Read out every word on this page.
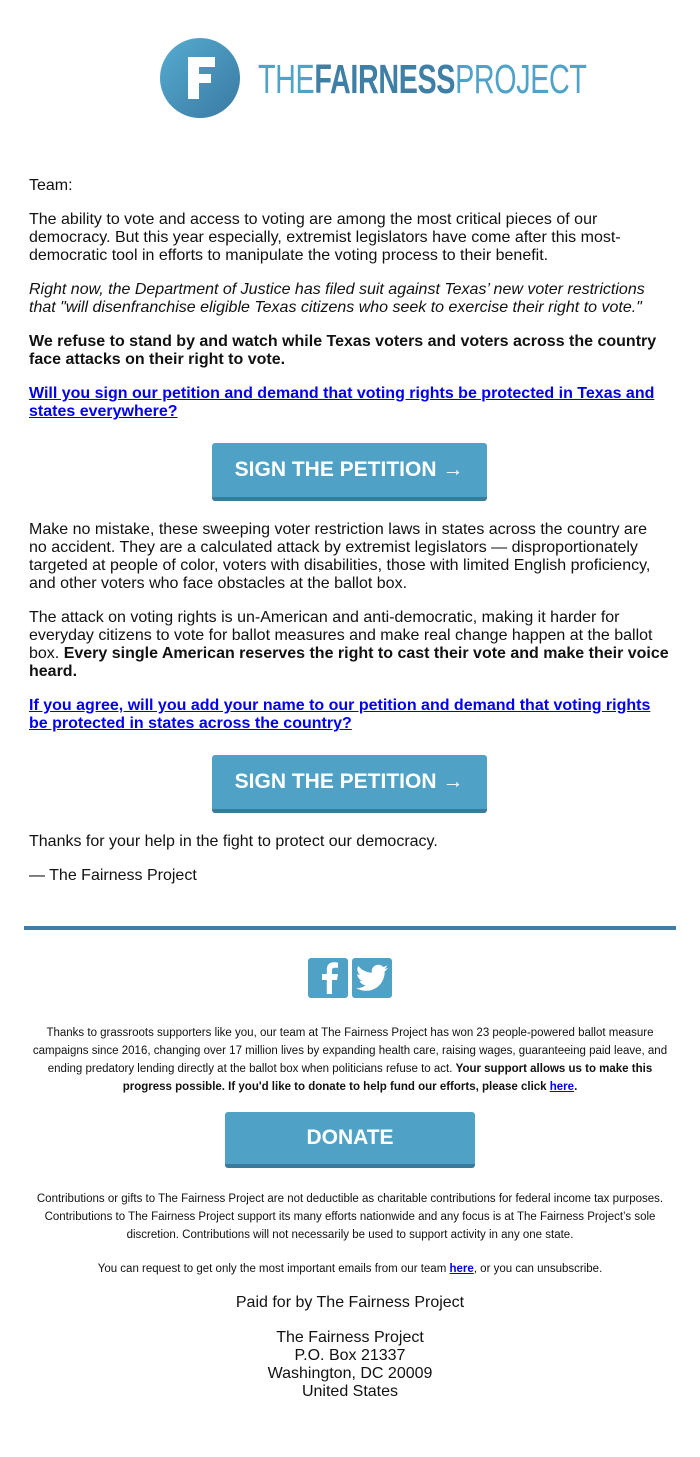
THEFAIRNESSPROJECT

Team:

The ability to vote and access to voting are among the most critical pieces of our democracy. But this year especially, extremist legislators have come after this most-democratic tool in efforts to manipulate the voting process to their benefit.

Right now, the Department of Justice has filed suit against Texas’ new voter restrictions that "will disenfranchise eligible Texas citizens who seek to exercise their right to vote."

We refuse to stand by and watch while Texas voters and voters across the country face attacks on their right to vote.

Will you sign our petition and demand that voting rights be protected in Texas and states everywhere?

SIGN THE PETITION →

Make no mistake, these sweeping voter restriction laws in states across the country are no accident. They are a calculated attack by extremist legislators — disproportionately targeted at people of color, voters with disabilities, those with limited English proficiency, and other voters who face obstacles at the ballot box.

The attack on voting rights is un-American and anti-democratic, making it harder for everyday citizens to vote for ballot measures and make real change happen at the ballot box. Every single American reserves the right to cast their vote and make their voice heard.

If you agree, will you add your name to our petition and demand that voting rights be protected in states across the country?

SIGN THE PETITION →

Thanks for your help in the fight to protect our democracy.

— The Fairness Project

Thanks to grassroots supporters like you, our team at The Fairness Project has won 23 people-powered ballot measure campaigns since 2016, changing over 17 million lives by expanding health care, raising wages, guaranteeing paid leave, and ending predatory lending directly at the ballot box when politicians refuse to act. Your support allows us to make this progress possible. If you'd like to donate to help fund our efforts, please click here.

DONATE

Contributions or gifts to The Fairness Project are not deductible as charitable contributions for federal income tax purposes. Contributions to The Fairness Project support its many efforts nationwide and any focus is at The Fairness Project’s sole discretion. Contributions will not necessarily be used to support activity in any one state.

You can request to get only the most important emails from our team here, or you can unsubscribe.

Paid for by The Fairness Project
The Fairness Project
P.O. Box 21337
Washington, DC 20009
United States
